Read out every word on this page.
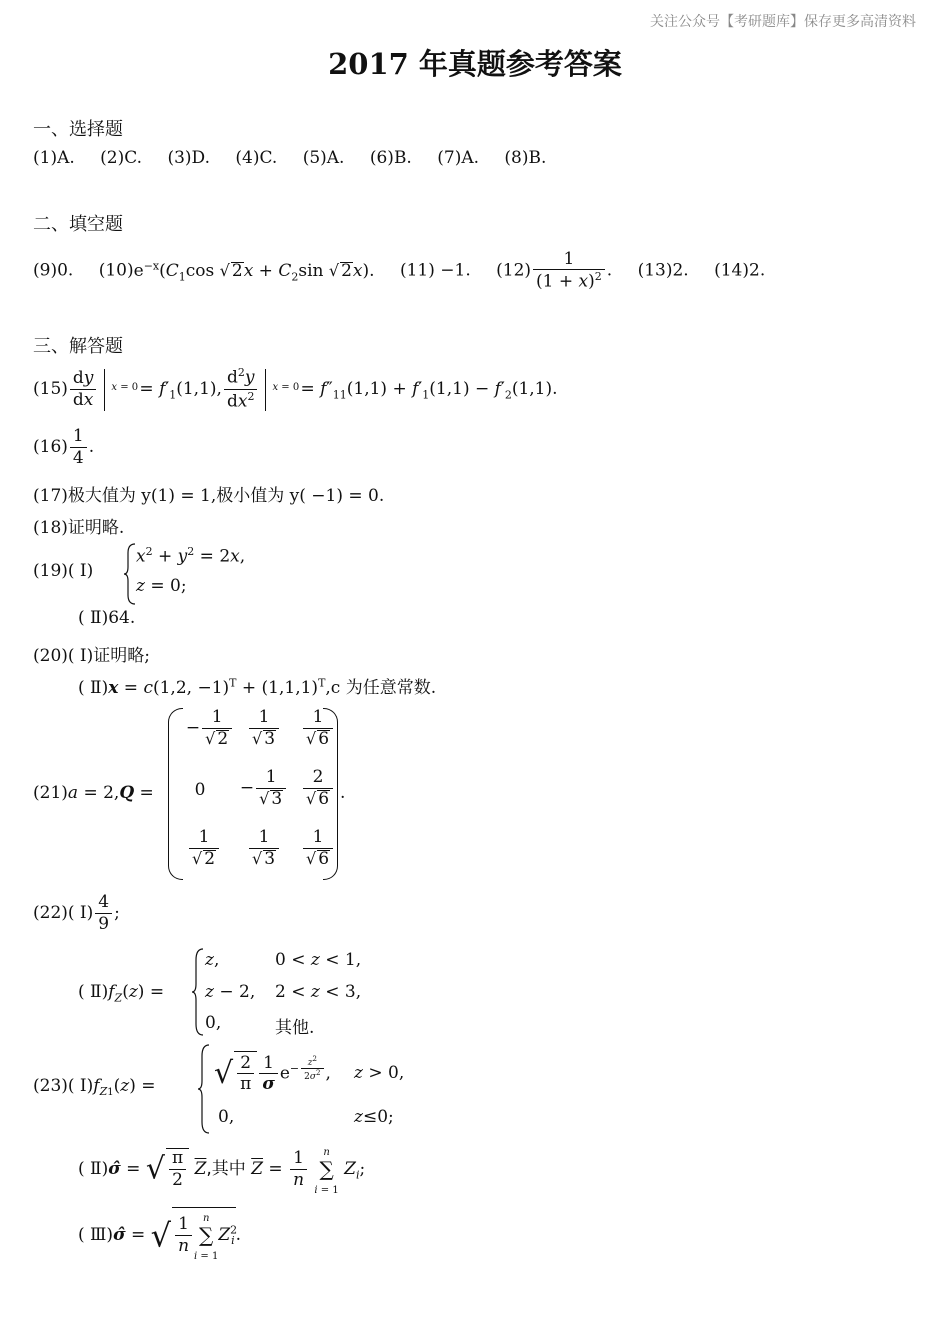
关注公众号【考研题库】保存更多高清资料
2017 年真题参考答案
一、选择题
(1)A. (2)C. (3)D. (4)C. (5)A. (6)B. (7)A. (8)B.
二、填空题
(9)0. $(10)e^{-x}(C_1\cos$ √ $2x + C_2\sin$ √ 2x). (11) −1. $(12) \frac{1}{(1 + x)^2}$ . (13)2. (14)2.
三、解答题
$(15) \frac{dy}{dx}$ $x = 0 = f'_1(1,1)$, $\frac{d^2y}{dx^2}$ $x = 0 = f''_{11}(1,1) + f'_1(1,1) - f'_2(1,1)$.
$(16) \frac{1}{4}$ .
(17)极大值为 y(1) = 1,极小值为 y( −1) = 0.
(18)证明略.
(19)( Ⅰ)
$x^2 + y^2 = 2x$,
z = 0;
( Ⅱ)64.
(20)( Ⅰ)证明略;
( Ⅱ)x = c(1,2, $-1)^T + (1,1,1)^T,c$ 为任意常数.
(21)a = 2,Q =
− $\frac{1}{√ 2} \frac{1}{√ 3} \frac{1}{√ 6}$
0	− $\frac{1}{√ 3} \frac{2}{√ 6}$
$\frac{1}{√ 2} \frac{1}{√ 3} \frac{1}{√ 6}$
.
(22)( Ⅰ) $\frac{4}{9}$ ;
( $Ⅱ)f_Z(z)$ =
z,	0 < z < 1,
z − 2, 2 < z < 3,
0,	其他.
(23)( $Ⅰ)f_{Z1}(z)$ = √ $\frac{2}{\pi} \frac{1}{\sigma} e^{- \frac{z^2}{2\sigma^2}}$ , z > 0,
0,	z≤0;
( Ⅱ)σ̂ = √ $\frac{\pi}{2} \overline{Z}$,其中 $\overline{Z} = \frac{1}{n}$ n
∑
i = 1 $Z_i$;
( Ⅲ)σ̂ = √ $\frac{1}{n}$ n
∑
$i = 1Z^2_i$.
